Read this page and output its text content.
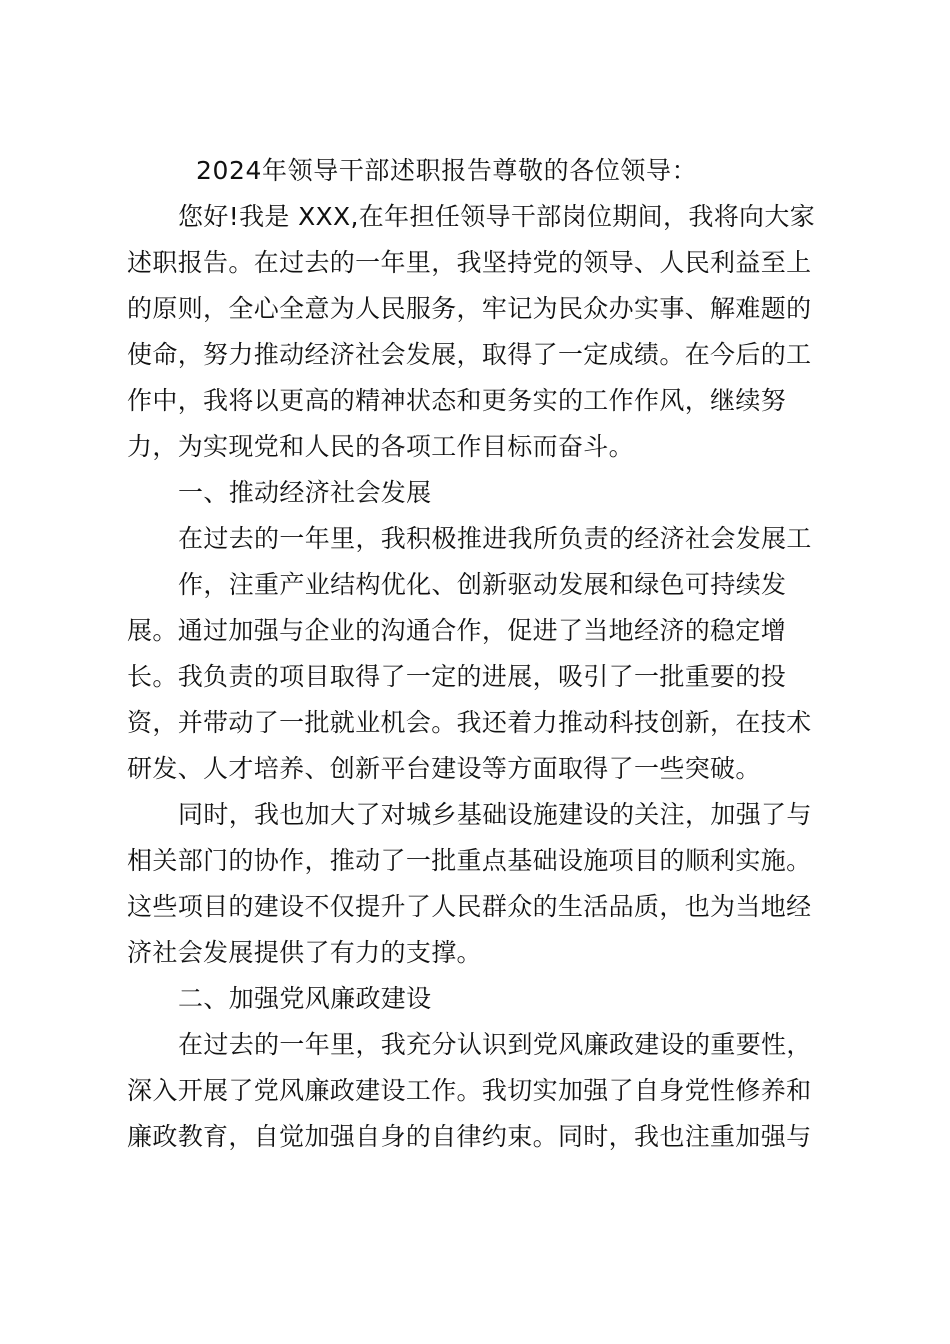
2024年领导干部述职报告尊敬的各位领导：
您好!我是 XXX,在年担任领导干部岗位期间，我将向大家
述职报告。在过去的一年里，我坚持党的领导、人民利益至上
的原则，全心全意为人民服务，牢记为民众办实事、解难题的
使命，努力推动经济社会发展，取得了一定成绩。在今后的工
作中，我将以更高的精神状态和更务实的工作作风，继续努
力，为实现党和人民的各项工作目标而奋斗。
一、推动经济社会发展
在过去的一年里，我积极推进我所负责的经济社会发展工
作，注重产业结构优化、创新驱动发展和绿色可持续发
展。通过加强与企业的沟通合作，促进了当地经济的稳定增
长。我负责的项目取得了一定的进展，吸引了一批重要的投
资，并带动了一批就业机会。我还着力推动科技创新，在技术
研发、人才培养、创新平台建设等方面取得了一些突破。
同时，我也加大了对城乡基础设施建设的关注，加强了与
相关部门的协作，推动了一批重点基础设施项目的顺利实施。
这些项目的建设不仅提升了人民群众的生活品质，也为当地经
济社会发展提供了有力的支撑。
二、加强党风廉政建设
在过去的一年里，我充分认识到党风廉政建设的重要性，
深入开展了党风廉政建设工作。我切实加强了自身党性修养和
廉政教育，自觉加强自身的自律约束。同时，我也注重加强与
